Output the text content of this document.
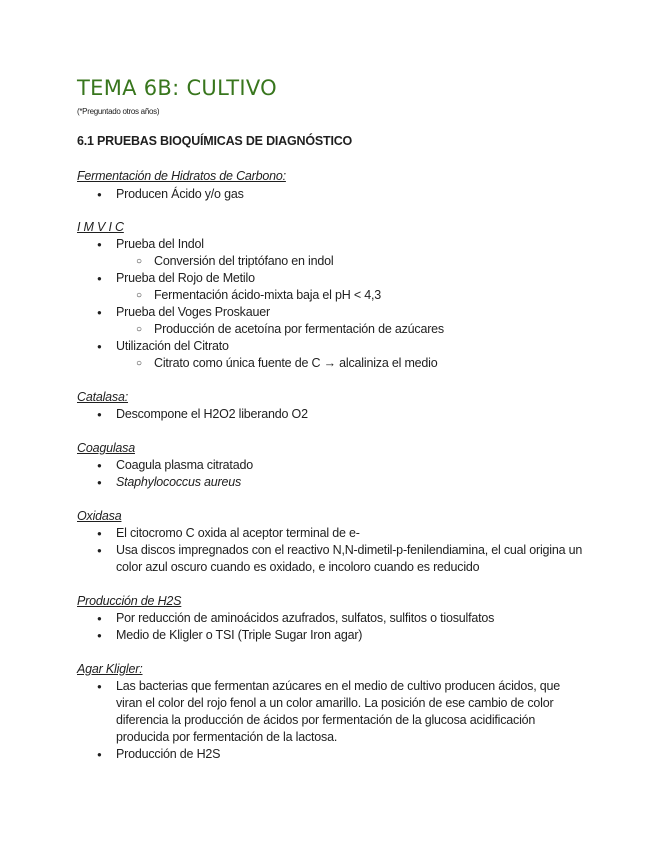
TEMA 6B: CULTIVO
(*Preguntado otros años)
6.1 PRUEBAS BIOQUÍMICAS DE DIAGNÓSTICO
Fermentación de Hidratos de Carbono:
● Producen Ácido y/o gas
I M V I C
● Prueba del Indol
○ Conversión del triptófano en indol
● Prueba del Rojo de Metilo
○ Fermentación ácido-mixta baja el pH < 4,3
● Prueba del Voges Proskauer
○ Producción de acetoína por fermentación de azúcares
● Utilización del Citrato
○ Citrato como única fuente de C → alcaliniza el medio
Catalasa:
● Descompone el H2O2 liberando O2
Coagulasa
● Coagula plasma citratado
● Staphylococcus aureus
Oxidasa
● El citocromo C oxida al aceptor terminal de e-
● Usa discos impregnados con el reactivo N,N-dimetil-p-fenilendiamina, el cual origina un color azul oscuro cuando es oxidado, e incoloro cuando es reducido
Producción de H2S
● Por reducción de aminoácidos azufrados, sulfatos, sulfitos o tiosulfatos
● Medio de Kligler o TSI (Triple Sugar Iron agar)
Agar Kligler:
● Las bacterias que fermentan azúcares en el medio de cultivo producen ácidos, que viran el color del rojo fenol a un color amarillo. La posición de ese cambio de color diferencia la producción de ácidos por fermentación de la glucosa acidificación producida por fermentación de la lactosa.
● Producción de H2S
